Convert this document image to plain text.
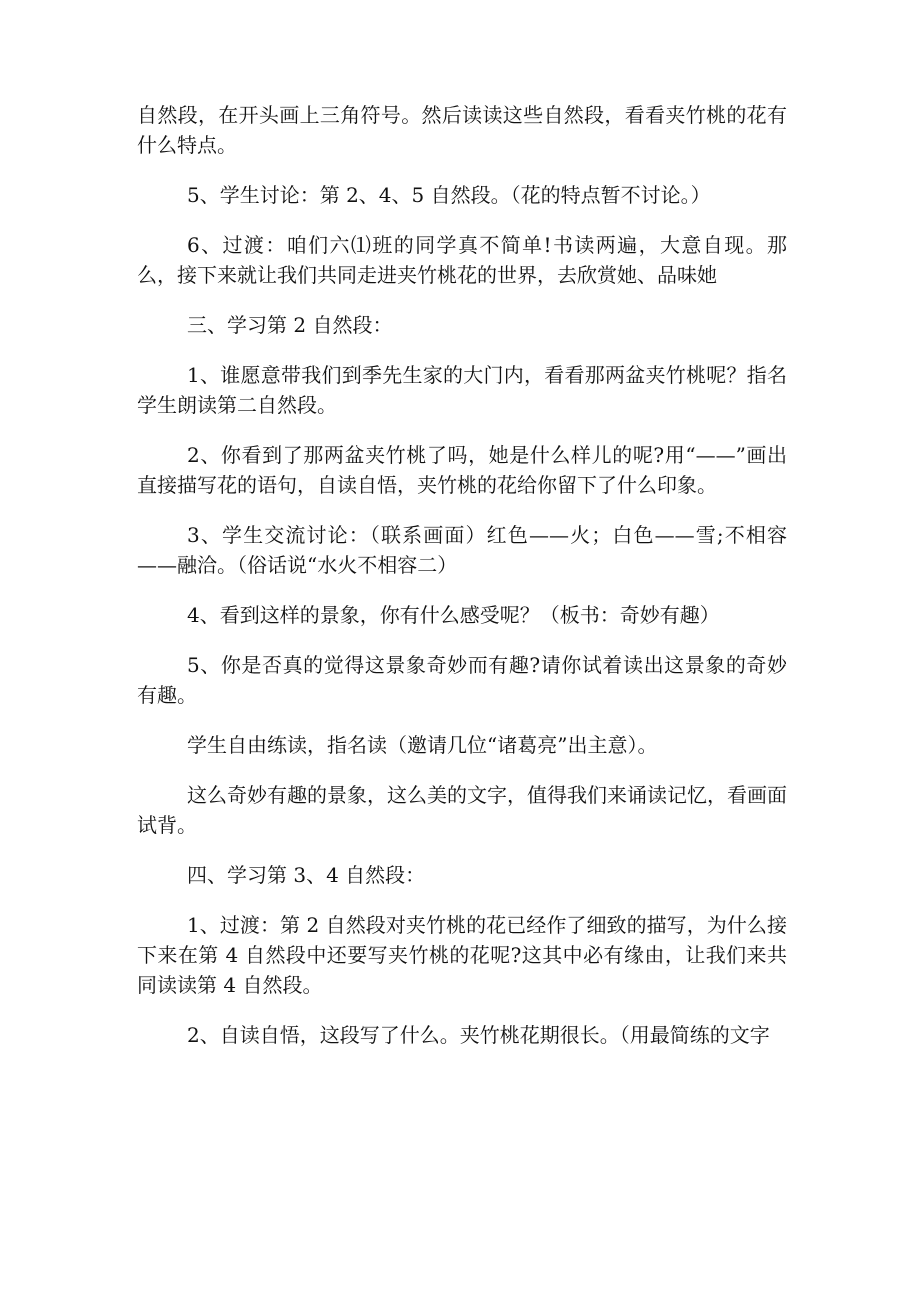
自然段，在开头画上三角符号。然后读读这些自然段，看看夹竹桃的花有什么特点。

5、学生讨论：第 2、4、5 自然段。（花的特点暂不讨论。）

6、过渡：咱们六⑴班的同学真不简单!书读两遍，大意自现。那么，接下来就让我们共同走进夹竹桃花的世界，去欣赏她、品味她

三、学习第 2 自然段：

1、谁愿意带我们到季先生家的大门内，看看那两盆夹竹桃呢？指名学生朗读第二自然段。

2、你看到了那两盆夹竹桃了吗，她是什么样儿的呢?用“——”画出直接描写花的语句，自读自悟，夹竹桃的花给你留下了什么印象。

3、学生交流讨论：（联系画面）红色——火；白色——雪;不相容——融洽。（俗话说“水火不相容二）

4、看到这样的景象，你有什么感受呢？（板书：奇妙有趣）

5、你是否真的觉得这景象奇妙而有趣?请你试着读出这景象的奇妙有趣。

学生自由练读，指名读（邀请几位“诸葛亮”出主意）。

这么奇妙有趣的景象，这么美的文字，值得我们来诵读记忆，看画面试背。

四、学习第 3、4 自然段：

1、过渡：第 2 自然段对夹竹桃的花已经作了细致的描写，为什么接下来在第 4 自然段中还要写夹竹桃的花呢?这其中必有缘由，让我们来共同读读第 4 自然段。

2、自读自悟，这段写了什么。夹竹桃花期很长。（用最简练的文字
